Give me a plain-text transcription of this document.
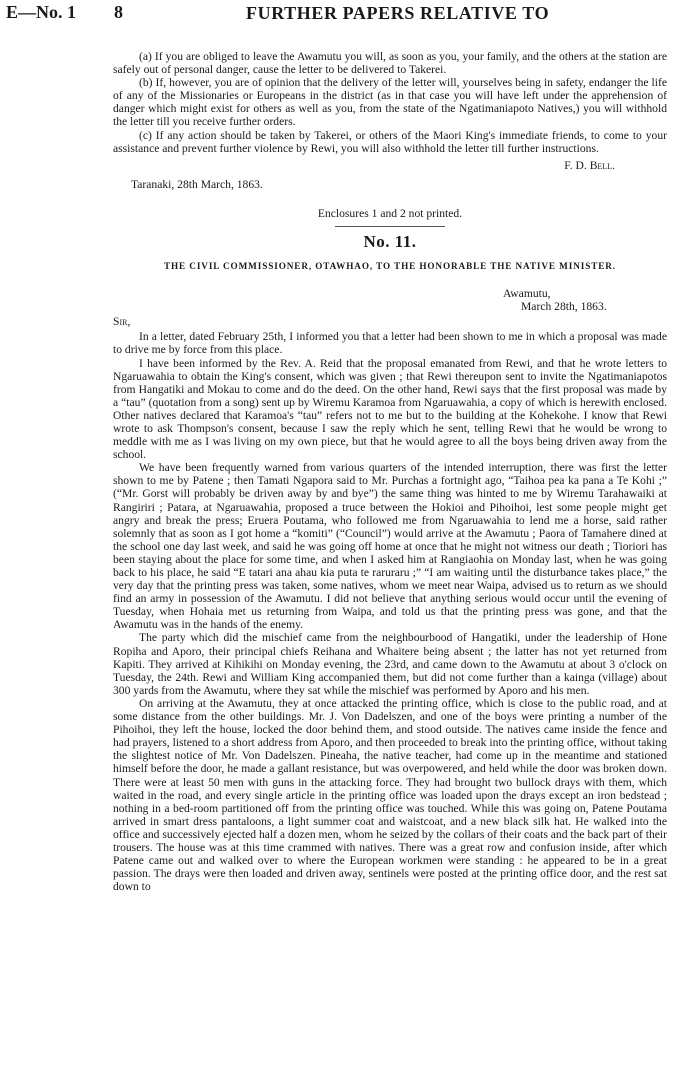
E—No. 1 8	FURTHER PAPERS RELATIVE TO

(a) If you are obliged to leave the Awamutu you will, as soon as you, your family, and the others at the station are safely out of personal danger, cause the letter to be delivered to Takerei.

(b) If, however, you are of opinion that the delivery of the letter will, yourselves being in safety, endanger the life of any of the Missionaries or Europeans in the district (as in that case you will have left under the apprehension of danger which might exist for others as well as you, from the state of the Ngatimaniapoto Natives,) you will withhold the letter till you receive further orders.

(c) If any action should be taken by Takerei, or others of the Maori King's immediate friends, to come to your assistance and prevent further violence by Rewi, you will also withhold the letter till further instructions.

F. D. Bell.
Taranaki, 28th March, 1863.
Enclosures 1 and 2 not printed.
No. 11.
THE CIVIL COMMISSIONER, OTAWHAO, TO THE HONORABLE THE NATIVE MINISTER.
Awamutu,
March 28th, 1863.
Sir,

In a letter, dated February 25th, I informed you that a letter had been shown to me in which a proposal was made to drive me by force from this place.

I have been informed by the Rev. A. Reid that the proposal emanated from Rewi, and that he wrote letters to Ngaruawahia to obtain the King's consent, which was given ; that Rewi thereupon sent to invite the Ngatimaniapotos from Hangatiki and Mokau to come and do the deed. On the other hand, Rewi says that the first proposal was made by a “tau” (quotation from a song) sent up by Wiremu Karamoa from Ngaruawahia, a copy of which is herewith enclosed. Other natives declared that Karamoa's “tau” refers not to me but to the building at the Kohekohe. I know that Rewi wrote to ask Thompson's consent, because I saw the reply which he sent, telling Rewi that he would be wrong to meddle with me as I was living on my own piece, but that he would agree to all the boys being driven away from the school.

We have been frequently warned from various quarters of the intended interruption, there was first the letter shown to me by Patene ; then Tamati Ngapora said to Mr. Purchas a fortnight ago, “Taihoa pea ka pana a Te Kohi ;” (“Mr. Gorst will probably be driven away by and bye”) the same thing was hinted to me by Wiremu Tarahawaiki at Rangiriri ; Patara, at Ngaruawahia, proposed a truce between the Hokioi and Pihoihoi, lest some people might get angry and break the press; Eruera Poutama, who followed me from Ngaruawahia to lend me a horse, said rather solemnly that as soon as I got home a “komiti” (“Council”) would arrive at the Awamutu ; Paora of Tamahere dined at the school one day last week, and said he was going off home at once that he might not witness our death ; Tioriori has been staying about the place for some time, and when I asked him at Rangiaohia on Monday last, when he was going back to his place, he said “E tatari ana ahau kia puta te raruraru ;” “I am waiting until the disturbance takes place,” the very day that the printing press was taken, some natives, whom we meet near Waipa, advised us to return as we should find an army in possession of the Awamutu. I did not believe that anything serious would occur until the evening of Tuesday, when Hohaia met us returning from Waipa, and told us that the printing press was gone, and that the Awamutu was in the hands of the enemy.

The party which did the mischief came from the neighbourbood of Hangatiki, under the leadership of Hone Ropiha and Aporo, their principal chiefs Reihana and Whaitere being absent ; the latter has not yet returned from Kapiti. They arrived at Kihikihi on Monday evening, the 23rd, and came down to the Awamutu at about 3 o'clock on Tuesday, the 24th. Rewi and William King accompanied them, but did not come further than a kainga (village) about 300 yards from the Awamutu, where they sat while the mischief was performed by Aporo and his men.

On arriving at the Awamutu, they at once attacked the printing office, which is close to the public road, and at some distance from the other buildings. Mr. J. Von Dadelszen, and one of the boys were printing a number of the Pihoihoi, they left the house, locked the door behind them, and stood outside. The natives came inside the fence and had prayers, listened to a short address from Aporo, and then proceeded to break into the printing office, without taking the slightest notice of Mr. Von Dadelszen. Pineaha, the native teacher, had come up in the meantime and stationed himself before the door, he made a gallant resistance, but was overpowered, and held while the door was broken down. There were at least 50 men with guns in the attacking force. They had brought two bullock drays with them, which waited in the road, and every single article in the printing office was loaded upon the drays except an iron bedstead ; nothing in a bed-room partitioned off from the printing office was touched. While this was going on, Patene Poutama arrived in smart dress pantaloons, a light summer coat and waistcoat, and a new black silk hat. He walked into the office and successively ejected half a dozen men, whom he seized by the collars of their coats and the back part of their trousers. The house was at this time crammed with natives. There was a great row and confusion inside, after which Patene came out and walked over to where the European workmen were standing : he appeared to be in a great passion. The drays were then loaded and driven away, sentinels were posted at the printing office door, and the rest sat down to
